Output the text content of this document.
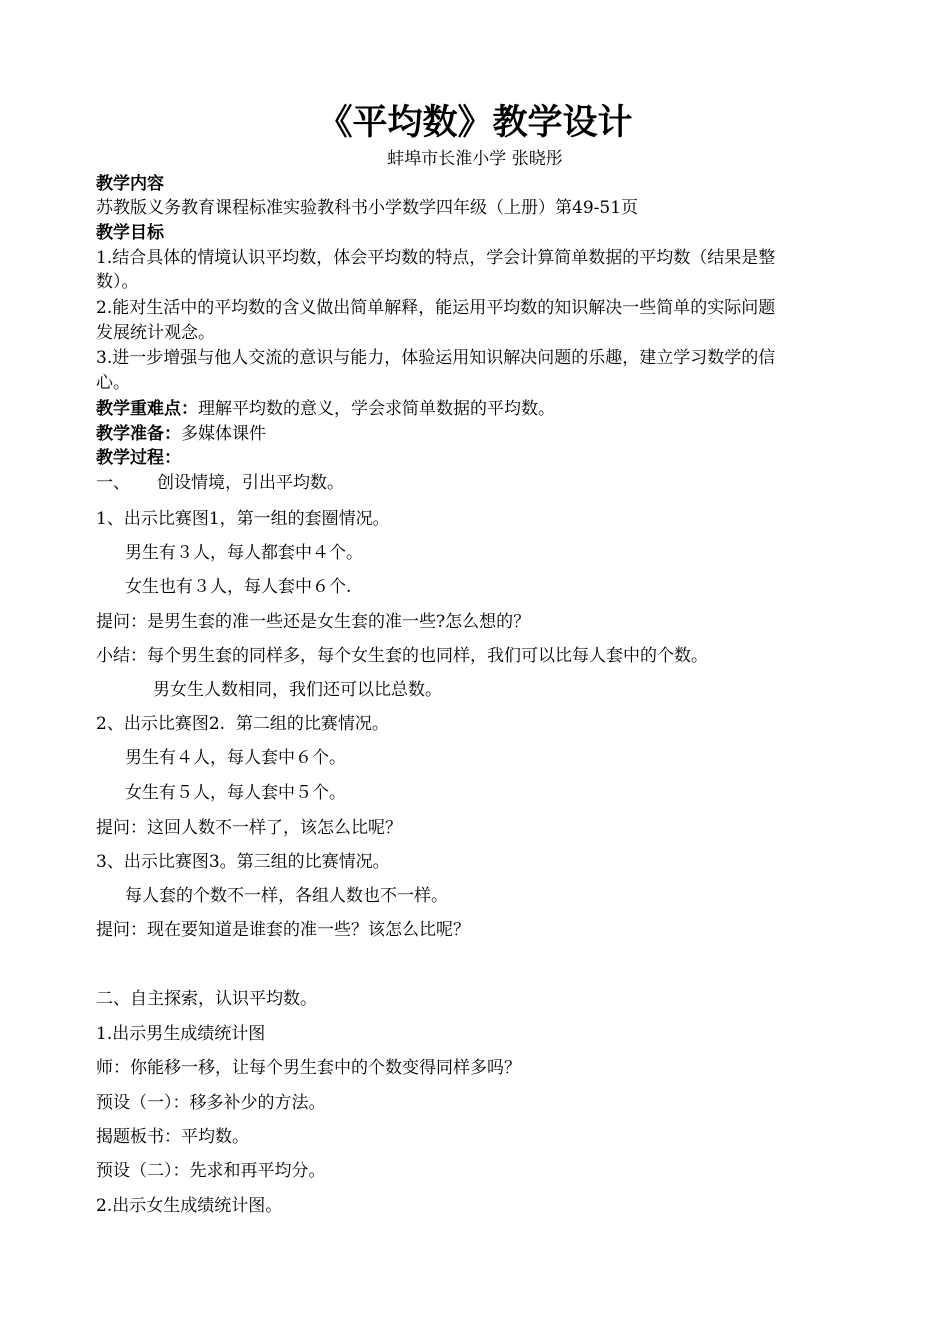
《平均数》教学设计
蚌埠市长淮小学 张晓彤
教学内容
苏教版义务教育课程标准实验教科书小学数学四年级（上册）第49-51页
教学目标
1.结合具体的情境认识平均数，体会平均数的特点，学会计算简单数据的平均数（结果是整
数）。
2.能对生活中的平均数的含义做出简单解释，能运用平均数的知识解决一些简单的实际问题
发展统计观念。
3.进一步增强与他人交流的意识与能力，体验运用知识解决问题的乐趣，建立学习数学的信
心。
教学重难点：理解平均数的意义，学会求简单数据的平均数。
教学准备：多媒体课件
教学过程：
一、     创设情境，引出平均数。
1、出示比赛图1，第一组的套圈情况。
男生有３人，每人都套中４个。
女生也有３人，每人套中６个.
提问：是男生套的准一些还是女生套的准一些?怎么想的？
小结：每个男生套的同样多，每个女生套的也同样，我们可以比每人套中的个数。
男女生人数相同，我们还可以比总数。
2、出示比赛图2.  第二组的比赛情况。
男生有４人，每人套中６个。
女生有５人，每人套中５个。
提问：这回人数不一样了，该怎么比呢？
3、出示比赛图3。第三组的比赛情况。
每人套的个数不一样，各组人数也不一样。
提问：现在要知道是谁套的准一些？该怎么比呢？
二、自主探索，认识平均数。
1.出示男生成绩统计图
师：你能移一移，让每个男生套中的个数变得同样多吗？
预设（一）：移多补少的方法。
揭题板书：平均数。
预设（二）：先求和再平均分。
2.出示女生成绩统计图。
